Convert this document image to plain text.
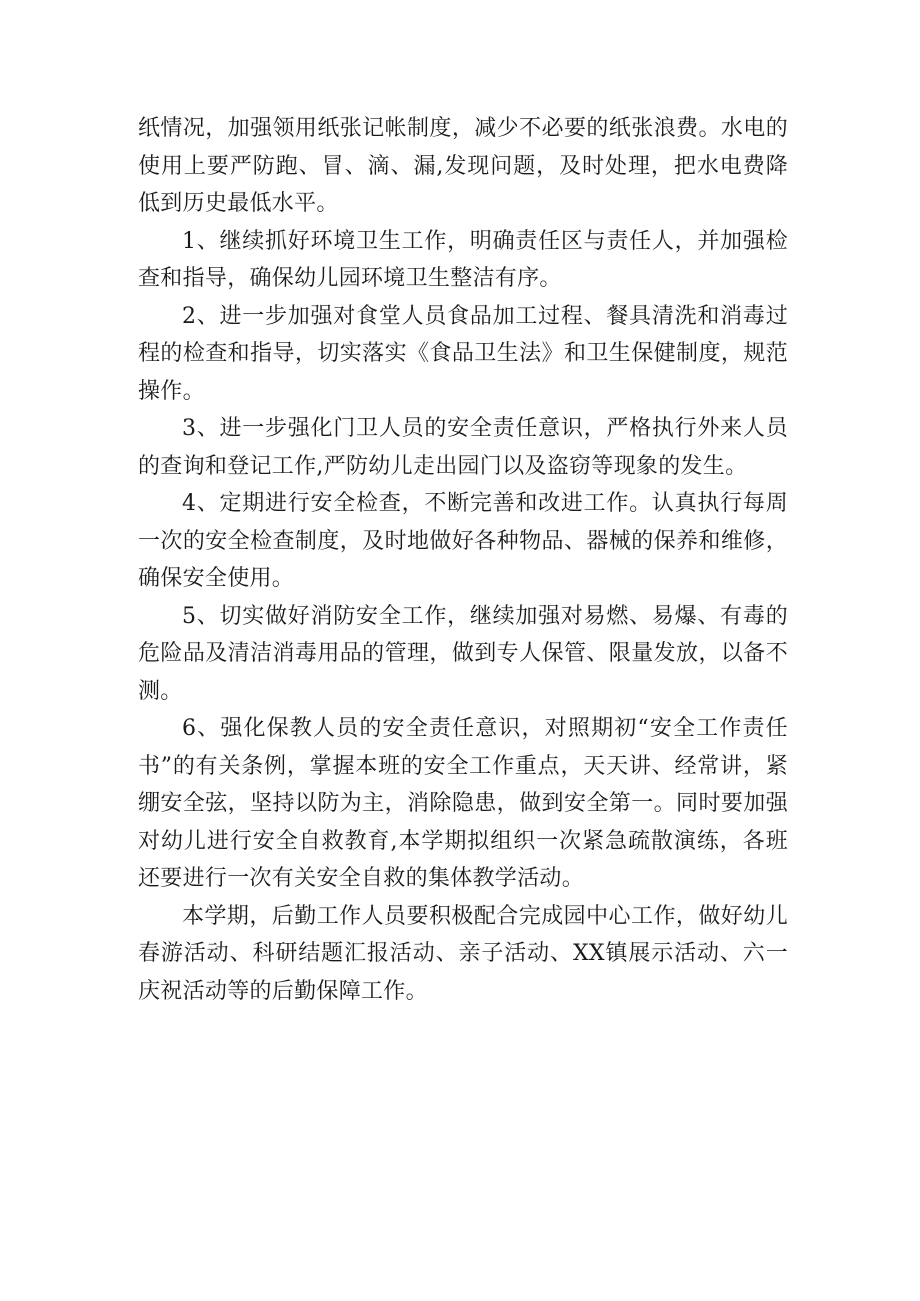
纸情况，加强领用纸张记帐制度，减少不必要的纸张浪费。水电的使用上要严防跑、冒、滴、漏,发现问题，及时处理，把水电费降低到历史最低水平。

1、继续抓好环境卫生工作，明确责任区与责任人，并加强检查和指导，确保幼儿园环境卫生整洁有序。

2、进一步加强对食堂人员食品加工过程、餐具清洗和消毒过程的检查和指导，切实落实《食品卫生法》和卫生保健制度，规范操作。

3、进一步强化门卫人员的安全责任意识，严格执行外来人员的查询和登记工作,严防幼儿走出园门以及盗窃等现象的发生。

4、定期进行安全检查，不断完善和改进工作。认真执行每周一次的安全检查制度，及时地做好各种物品、器械的保养和维修，确保安全使用。

5、切实做好消防安全工作，继续加强对易燃、易爆、有毒的危险品及清洁消毒用品的管理，做到专人保管、限量发放，以备不测。

6、强化保教人员的安全责任意识，对照期初“安全工作责任书”的有关条例，掌握本班的安全工作重点，天天讲、经常讲，紧绷安全弦，坚持以防为主，消除隐患，做到安全第一。同时要加强对幼儿进行安全自救教育,本学期拟组织一次紧急疏散演练，各班还要进行一次有关安全自救的集体教学活动。

本学期，后勤工作人员要积极配合完成园中心工作，做好幼儿春游活动、科研结题汇报活动、亲子活动、XX镇展示活动、六一庆祝活动等的后勤保障工作。
